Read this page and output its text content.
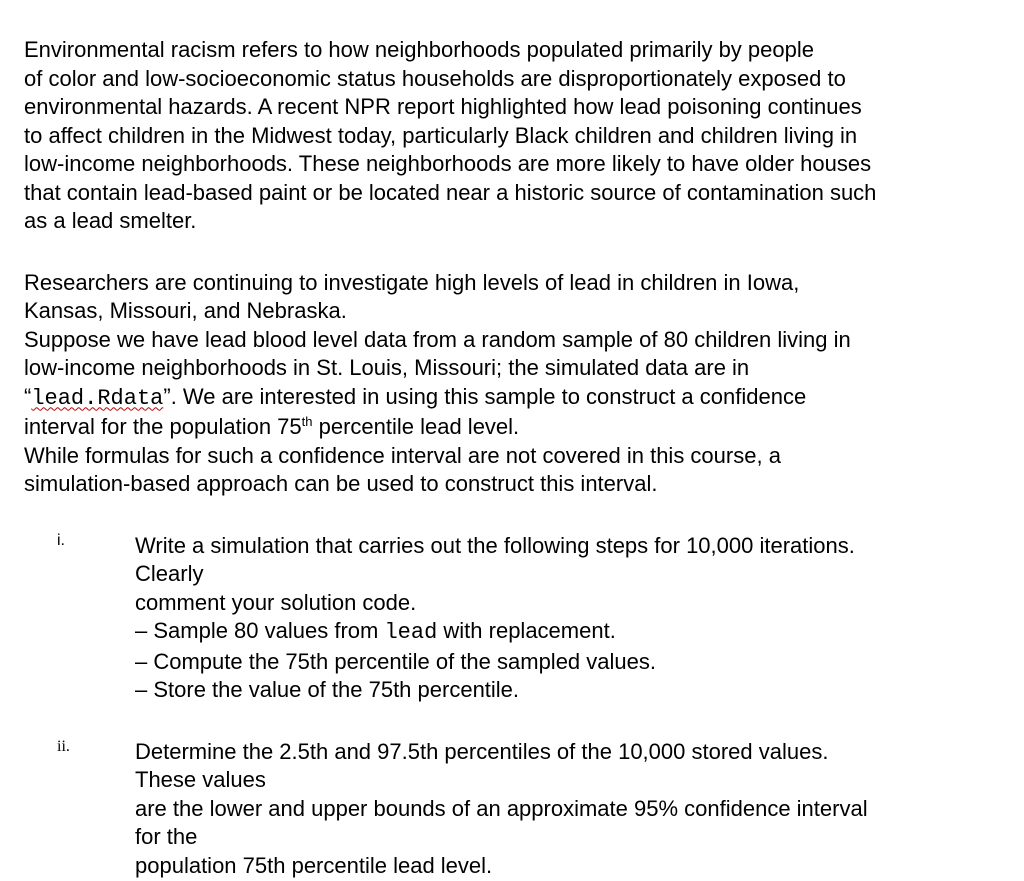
Environmental racism refers to how neighborhoods populated primarily by people
of color and low-socioeconomic status households are disproportionately exposed to
environmental hazards. A recent NPR report highlighted how lead poisoning continues
to affect children in the Midwest today, particularly Black children and children living in
low-income neighborhoods. These neighborhoods are more likely to have older houses
that contain lead-based paint or be located near a historic source of contamination such
as a lead smelter.

Researchers are continuing to investigate high levels of lead in children in Iowa,
Kansas, Missouri, and Nebraska.
Suppose we have lead blood level data from a random sample of 80 children living in
low-income neighborhoods in St. Louis, Missouri; the simulated data are in
“lead.Rdata”. We are interested in using this sample to construct a confidence
interval for the population 75th percentile lead level.
While formulas for such a confidence interval are not covered in this course, a
simulation-based approach can be used to construct this interval.

i.	Write a simulation that carries out the following steps for 10,000 iterations.
Clearly
comment your solution code.
– Sample 80 values from lead with replacement.
– Compute the 75th percentile of the sampled values.
– Store the value of the 75th percentile.

ii.	Determine the 2.5th and 97.5th percentiles of the 10,000 stored values.
These values
are the lower and upper bounds of an approximate 95% confidence interval
for the
population 75th percentile lead level.
